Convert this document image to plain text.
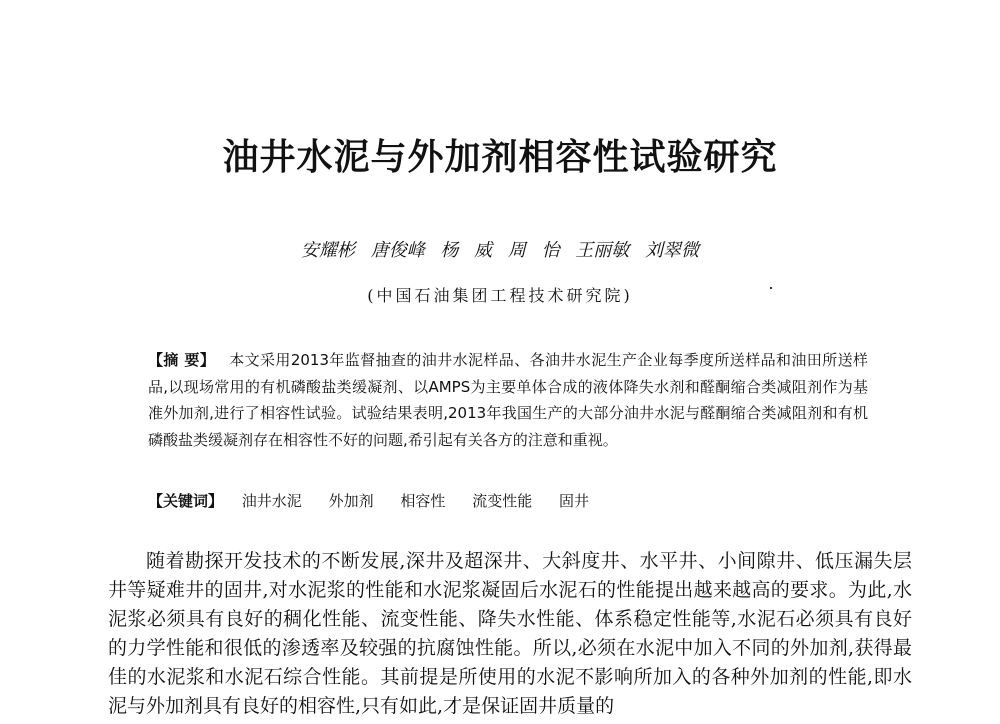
油井水泥与外加剂相容性试验研究
安耀彬 唐俊峰 杨 威 周 怡 王丽敏 刘翠微
(中国石油集团工程技术研究院)
【摘 要】 本文采用2013年监督抽查的油井水泥样品、各油井水泥生产企业每季度所送样品和油田所送样品,以现场常用的有机磷酸盐类缓凝剂、以AMPS为主要单体合成的液体降失水剂和醛酮缩合类减阻剂作为基准外加剂,进行了相容性试验。试验结果表明,2013年我国生产的大部分油井水泥与醛酮缩合类减阻剂和有机磷酸盐类缓凝剂存在相容性不好的问题,希引起有关各方的注意和重视。
【关键词】 油井水泥 外加剂 相容性 流变性能 固井
随着勘探开发技术的不断发展,深井及超深井、大斜度井、水平井、小间隙井、低压漏失层井等疑难井的固井,对水泥浆的性能和水泥浆凝固后水泥石的性能提出越来越高的要求。为此,水泥浆必须具有良好的稠化性能、流变性能、降失水性能、体系稳定性能等,水泥石必须具有良好的力学性能和很低的渗透率及较强的抗腐蚀性能。所以,必须在水泥中加入不同的外加剂,获得最佳的水泥浆和水泥石综合性能。其前提是所使用的水泥不影响所加入的各种外加剂的性能,即水泥与外加剂具有良好的相容性,只有如此,才是保证固井质量的
